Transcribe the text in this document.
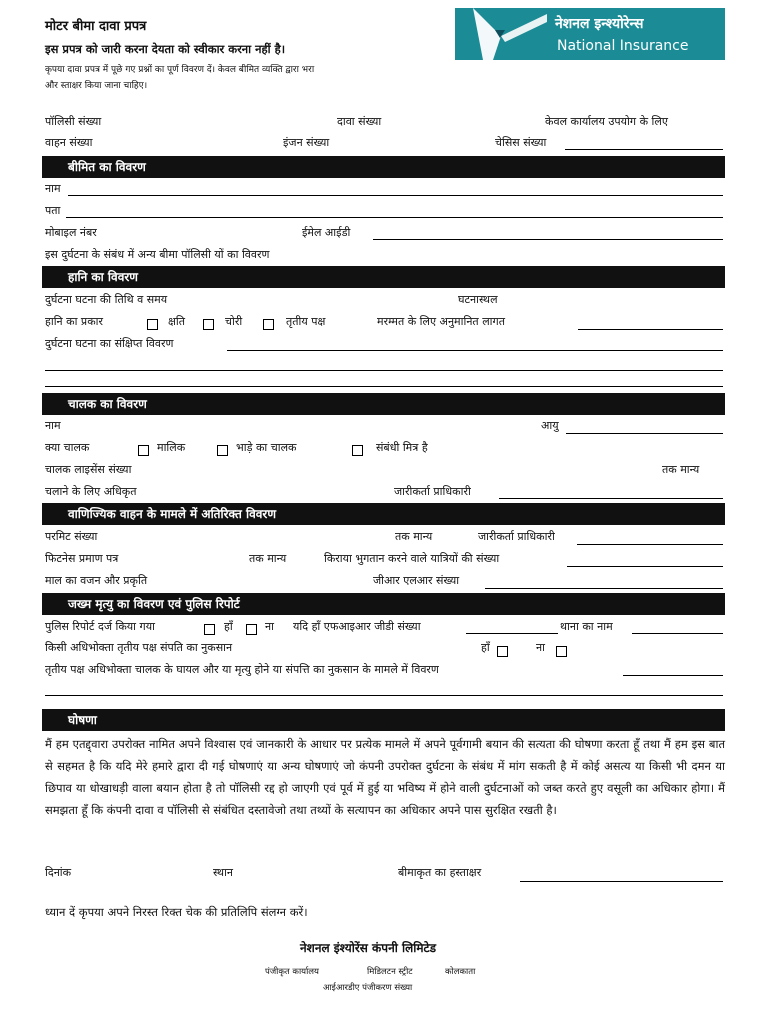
मोटर बीमा दावा प्रपत्र
इस प्रपत्र को जारी करना देयता को स्वीकार करना नहीं है।
कृपया दावा प्रपत्र में पूछे गए प्रश्नों का पूर्ण विवरण दें। केवल बीमित व्यक्ति द्वारा भरा
और स्ताक्षर किया जाना चाहिए।
नेशनल इन्श्योरेन्स
National Insurance
पॉलिसी संख्या	दावा संख्या	केवल कार्यालय उपयोग के लिए
वाहन संख्या	इंजन संख्या	चेसिस संख्या
बीमित का विवरण
नाम
पता
मोबाइल नंबर	ईमेल आईडी
इस दुर्घटना के संबंध में अन्य बीमा पॉलिसी यों का विवरण
हानि का विवरण
दुर्घटना घटना की तिथि व समय	घटनास्थल
हानि का प्रकार	क्षति	चोरी	तृतीय पक्ष	मरम्मत के लिए अनुमानित लागत
दुर्घटना घटना का संक्षिप्त विवरण
चालक का विवरण
नाम	आयु
क्या चालक	मालिक	भाड़े का चालक	संबंधी मित्र है
चालक लाइसेंस संख्या	तक मान्य
चलाने के लिए अधिकृत	जारीकर्ता प्राधिकारी
वाणिज्यिक वाहन के मामले में अतिरिक्त विवरण
परमिट संख्या	तक मान्य	जारीकर्ता प्राधिकारी
फिटनेस प्रमाण पत्र	तक मान्य	किराया भुगतान करने वाले यात्रियों की संख्या
माल का वजन और प्रकृति	जीआर एलआर संख्या
जख्म मृत्यु का विवरण एवं पुलिस रिपोर्ट
पुलिस रिपोर्ट दर्ज किया गया	हाँ	ना यदि हाँ एफआइआर जीडी संख्या	थाना का नाम
किसी अधिभोक्ता तृतीय पक्ष संपति का नुकसान	हाँ	ना
तृतीय पक्ष अधिभोक्ता चालक के घायल और या मृत्यु होने या संपत्ति का नुकसान के मामले में विवरण
घोषणा
मैं हम एतद्द्वारा उपरोक्त नामित अपने विश्वास एवं जानकारी के आधार पर प्रत्येक मामले में अपने पूर्वगामी बयान की सत्यता की घोषणा करता हूँ तथा मैं हम इस बात से सहमत है कि यदि मेरे हमारे द्वारा दी गई घोषणाएं या अन्य घोषणाएं जो कंपनी उपरोक्त दुर्घटना के संबंध में मांग सकती है में कोई असत्य या किसी भी दमन या छिपाव या धोखाधड़ी वाला बयान होता है तो पॉलिसी रद्द हो जाएगी एवं पूर्व में हुई या भविष्य में होने वाली दुर्घटनाओं को जब्त करते हुए वसूली का अधिकार होगा। मैं समझता हूँ कि कंपनी दावा व पॉलिसी से संबंधित दस्तावेजो तथा तथ्यों के सत्यापन का अधिकार अपने पास सुरक्षित रखती है।
दिनांक	स्थान	बीमाकृत का हस्ताक्षर
ध्यान दें कृपया अपने निरस्त रिक्त चेक की प्रतिलिपि संलग्न करें।
नेशनल इंश्योरेंस कंपनी लिमिटेड
पंजीकृत कार्यालय	मिडिलटन स्ट्रीट	कोलकाता
आईआरडीए पंजीकरण संख्या
